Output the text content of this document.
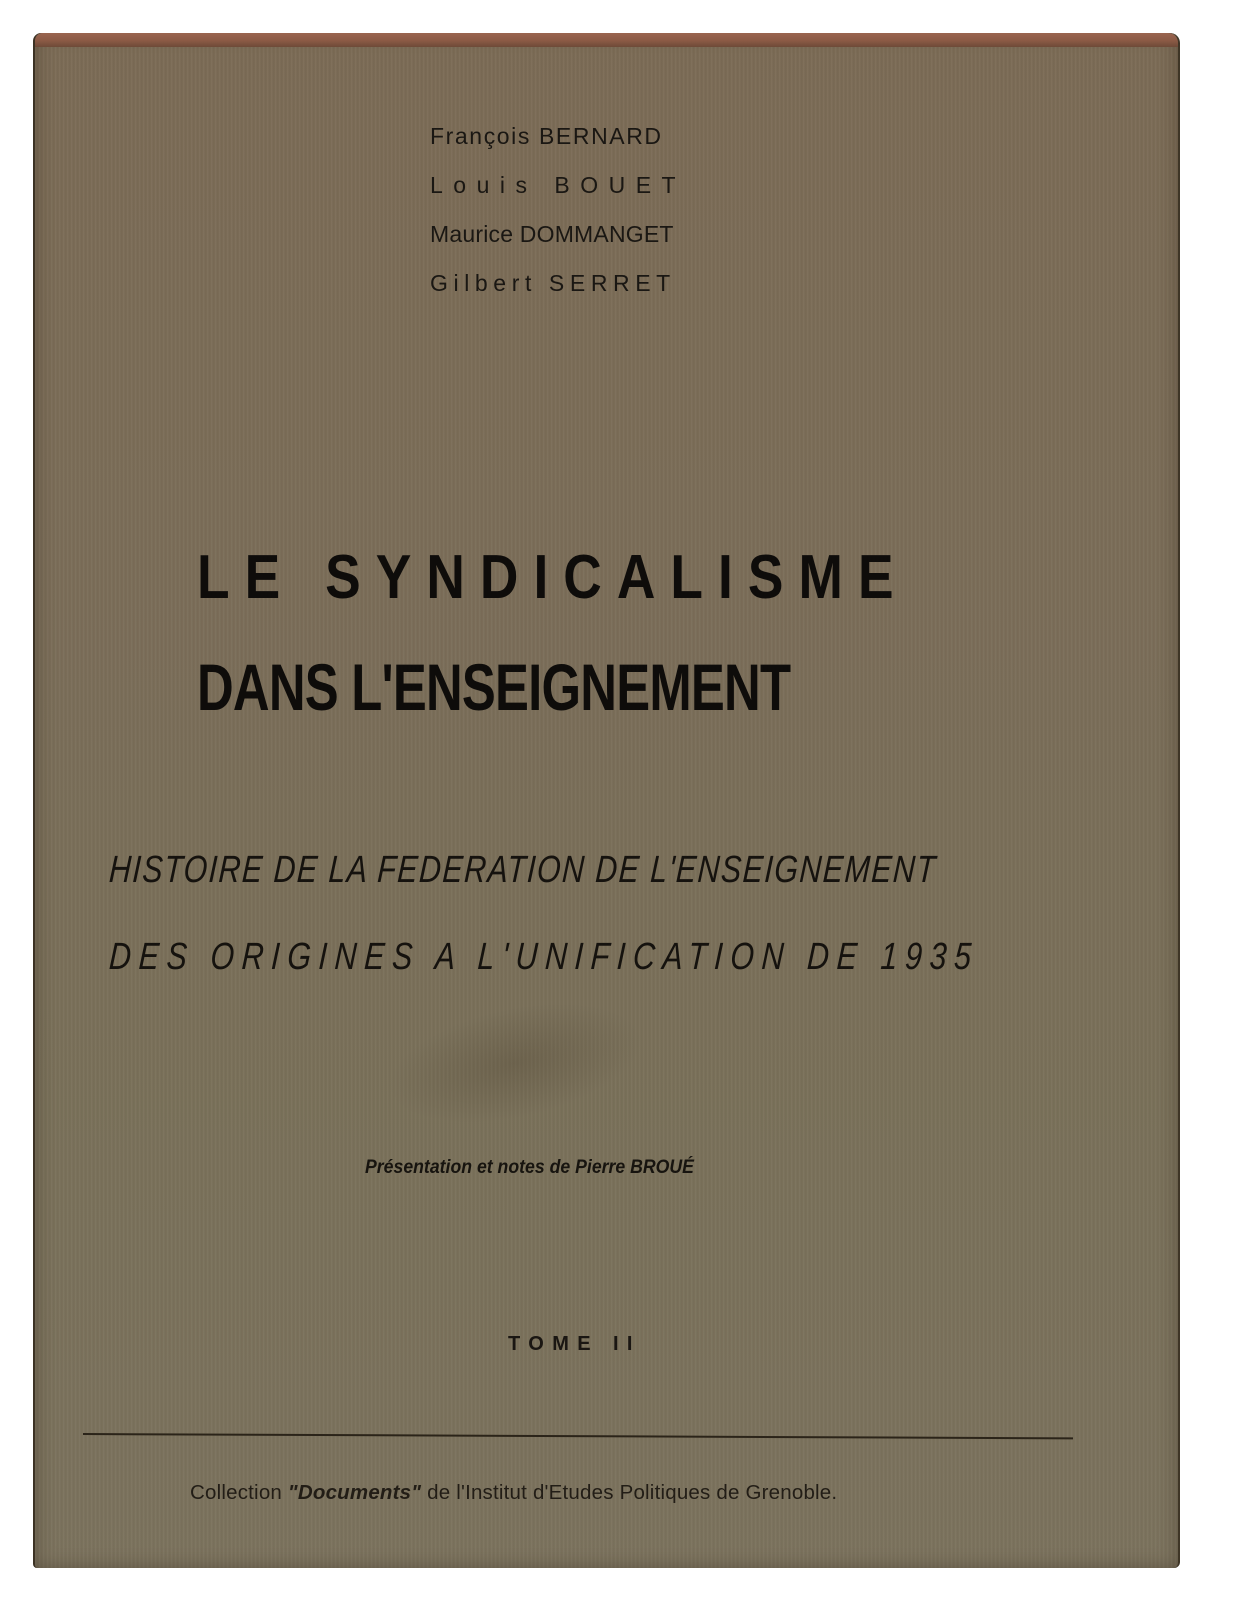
François BERNARD
Louis BOUET
Maurice DOMMANGET
Gilbert SERRET
LE SYNDICALISME
DANS L'ENSEIGNEMENT
HISTOIRE DE LA FEDERATION DE L'ENSEIGNEMENT
DES ORIGINES A L'UNIFICATION DE 1935
Présentation et notes de Pierre BROUÉ
TOME II
Collection "Documents" de l'Institut d'Etudes Politiques de Grenoble.
